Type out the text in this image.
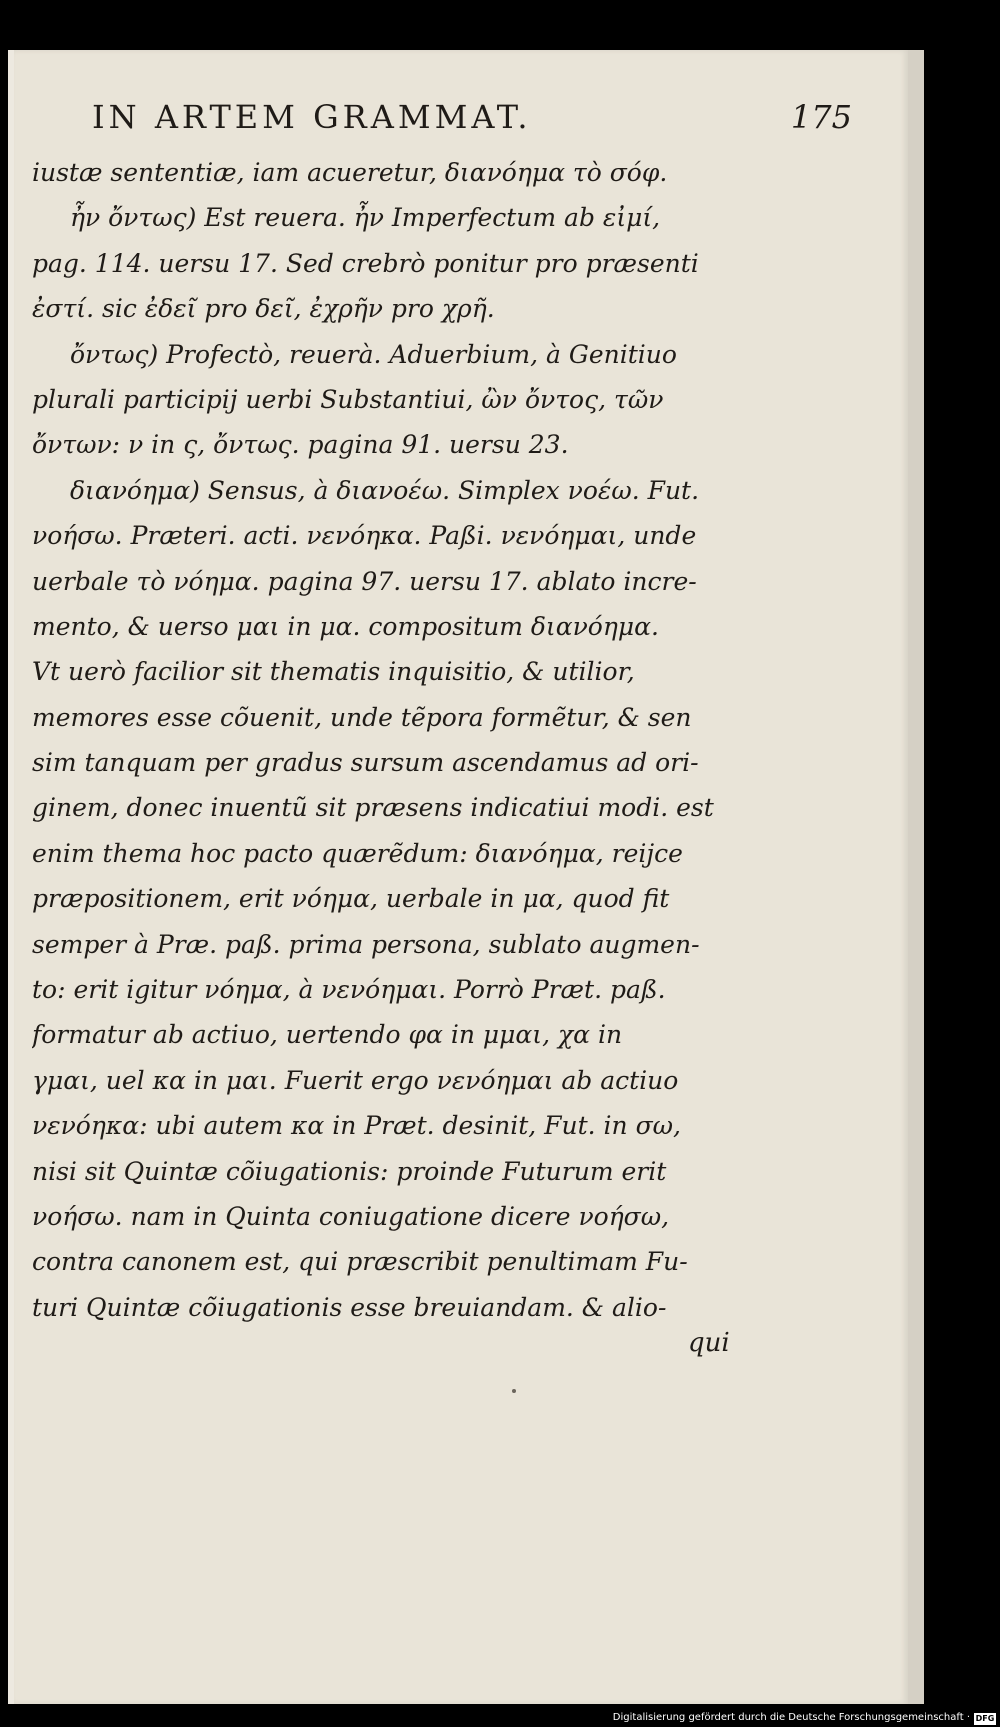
IN ARTEM GRAMMAT.	175
iustæ sententiæ, iam acueretur, διανόημα τὸ σόφ.
ἦν ὄντως) Est reuera. ἦν Imperfectum ab εἰμί,
pag. 114. uersu 17. Sed crebrò ponitur pro præsenti
ἐστί. sic ἐδεῖ pro δεῖ, ἐχρῆν pro χρῆ.
ὄντως) Profectò, reuerà. Aduerbium, à Genitiuo
plurali participij uerbi Substantiui, ὢν ὄντος, τῶν
ὄντων: ν in ς, ὄντως. pagina 91. uersu 23.
διανόημα) Sensus, à διανοέω. Simplex νοέω. Fut.
νοήσω. Præteri. acti. νενόηκα. Paßi. νενόημαι, unde
uerbale τὸ νόημα. pagina 97. uersu 17. ablato incre-
mento, & uerso μαι in μα. compositum διανόημα.
Vt uerò facilior sit thematis inquisitio, & utilior,
memores esse cõuenit, unde tẽpora formẽtur, & sen
sim tanquam per gradus sursum ascendamus ad ori-
ginem, donec inuentũ sit præsens indicatiui modi. est
enim thema hoc pacto quærẽdum: διανόημα, reijce
præpositionem, erit νόημα, uerbale in μα, quod fit
semper à Præ. paß. prima persona, sublato augmen-
to: erit igitur νόημα, à νενόημαι. Porrò Præt. paß.
formatur ab actiuo, uertendo φα in μμαι, χα in
γμαι, uel κα in μαι. Fuerit ergo νενόημαι ab actiuo
νενόηκα: ubi autem κα in Præt. desinit, Fut. in σω,
nisi sit Quintæ cõiugationis: proinde Futurum erit
νοήσω. nam in Quinta coniugatione dicere νοήσω,
contra canonem est, qui præscribit penultimam Fu-
turi Quintæ cõiugationis esse breuiandam. & alio-
qui
Digitalisierung gefördert durch die Deutsche Forschungsgemeinschaft · DFG
